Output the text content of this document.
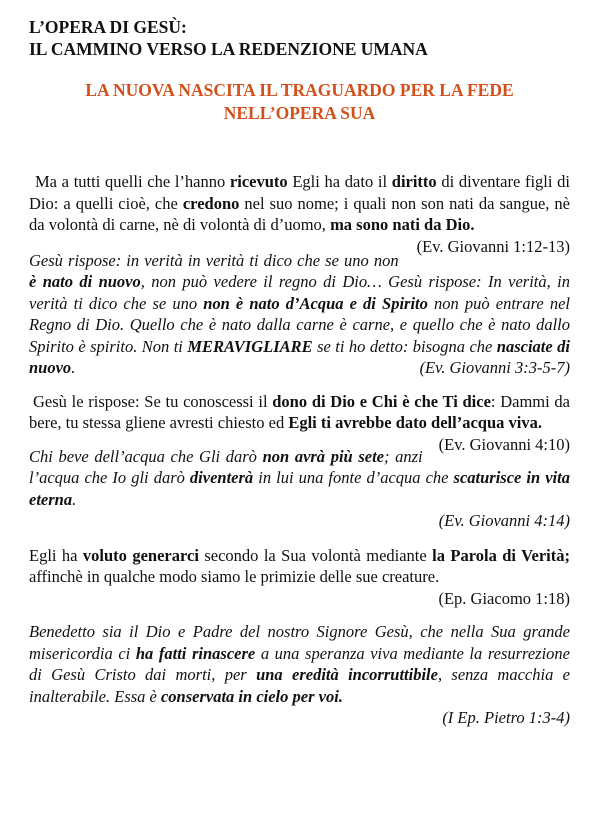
L’OPERA DI GESÙ:
IL CAMMINO VERSO LA REDENZIONE UMANA

LA NUOVA NASCITA IL TRAGUARDO PER LA FEDE
NELL’OPERA SUA

Ma a tutti quelli che l’hanno ricevuto Egli ha dato il diritto di diventare figli di Dio: a quelli cioè, che credono nel suo nome; i quali non son nati da sangue, nè da volontà di carne, nè di volontà di d’uomo, ma sono nati da Dio.
(Ev. Giovanni 1:12-13)

Gesù rispose: in verità in verità ti dico che se uno non è nato di nuovo, non può vedere il regno di Dio… Gesù rispose: In verità, in verità ti dico che se uno non è nato d’Acqua e di Spirito non può entrare nel Regno di Dio. Quello che è nato dalla carne è carne, e quello che è nato dallo Spirito è spirito. Non ti MERAVIGLIARE se ti ho detto: bisogna che nasciate di nuovo.	(Ev. Giovanni 3:3-5-7)

Gesù le rispose: Se tu conoscessi il dono di Dio e Chi è che Ti dice: Dammi da bere, tu stessa gliene avresti chiesto ed Egli ti avrebbe dato dell’acqua viva.
(Ev. Giovanni 4:10)

Chi beve dell’acqua che Gli darò non avrà più sete; anzi l’acqua che Io gli darò diventerà in lui una fonte d’acqua che scaturisce in vita eterna.
(Ev. Giovanni 4:14)

Egli ha voluto generarci secondo la Sua volontà mediante la Parola di Verità; affinchè in qualche modo siamo le primizie delle sue creature.
(Ep. Giacomo 1:18)

Benedetto sia il Dio e Padre del nostro Signore Gesù, che nella Sua grande misericordia ci ha fatti rinascere a una speranza viva mediante la resurrezione di Gesù Cristo dai morti, per una eredità incorruttibile, senza macchia e inalterabile. Essa è conservata in cielo per voi.
(I Ep. Pietro 1:3-4)
